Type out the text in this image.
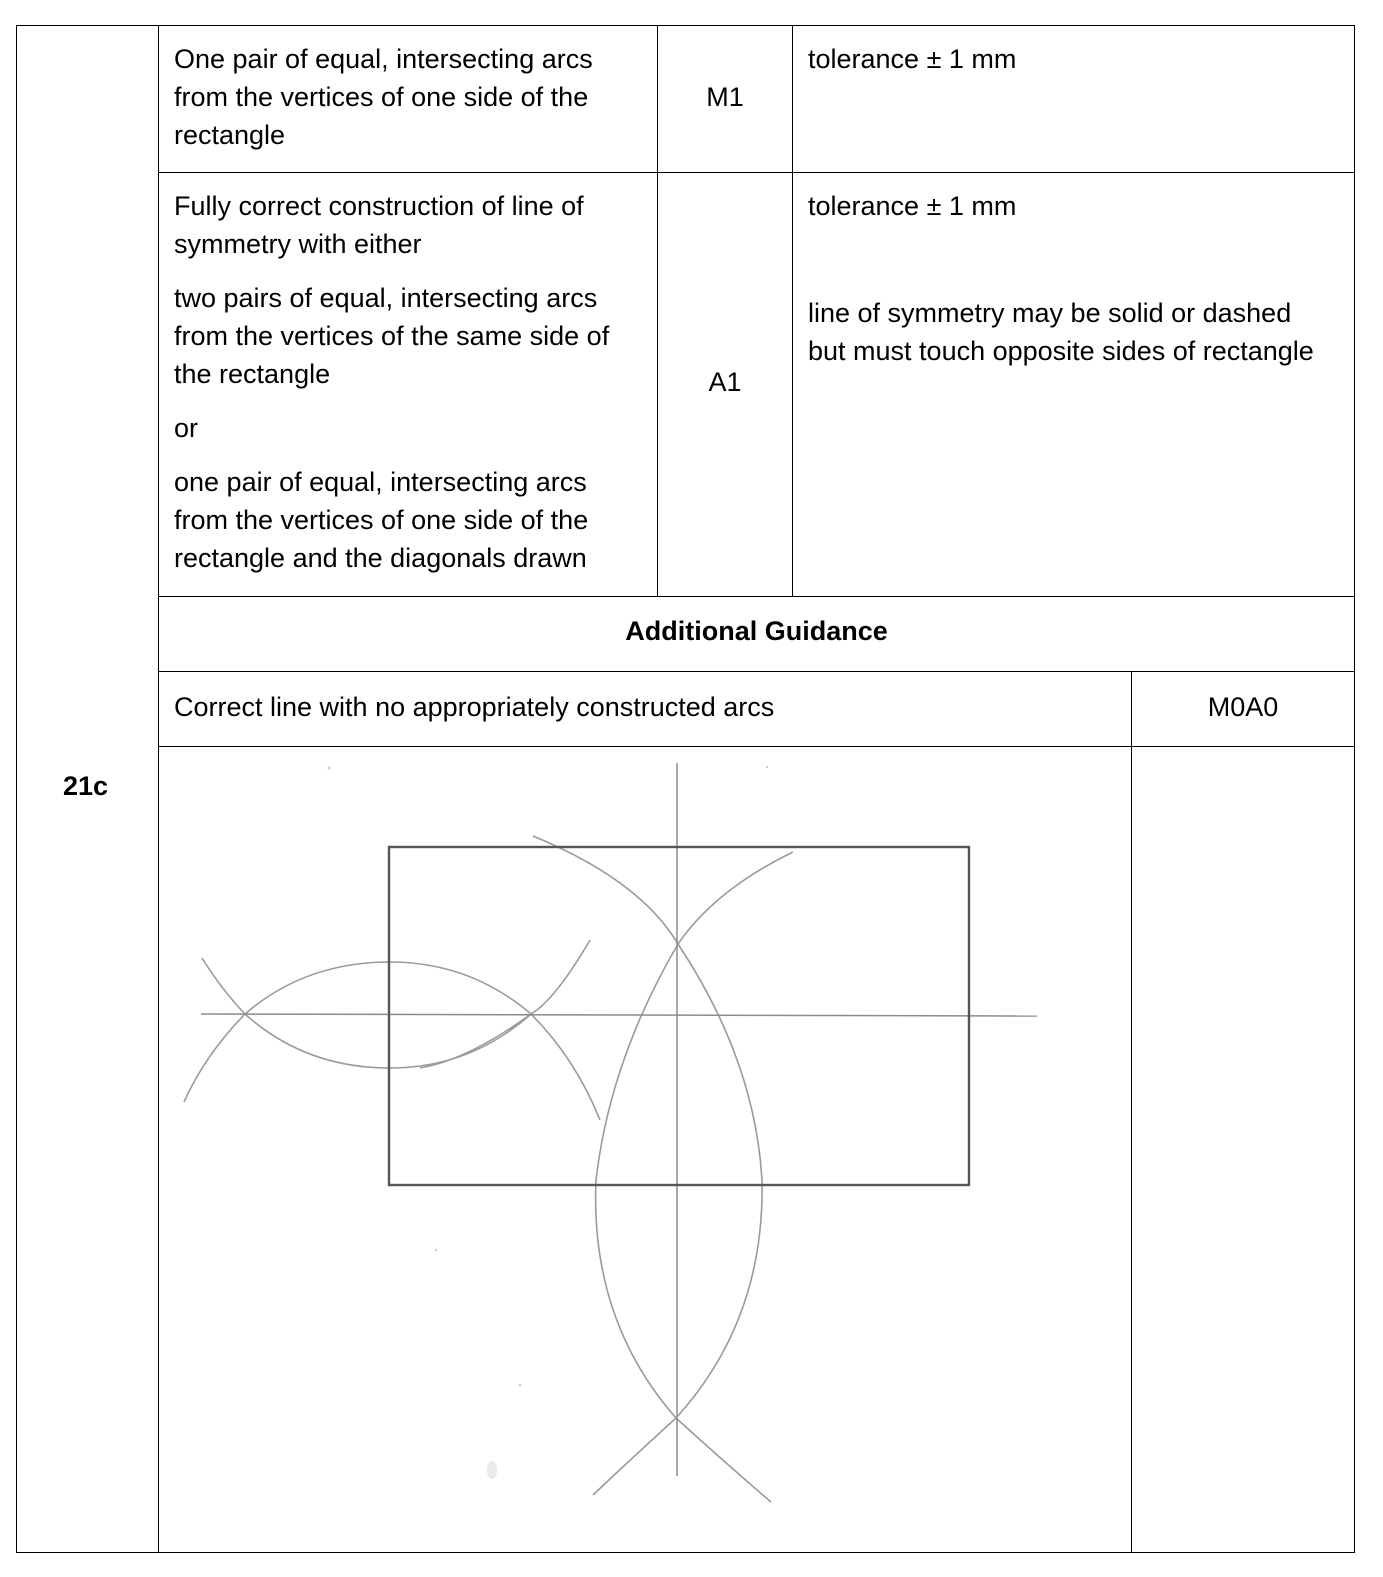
21c
One pair of equal, intersecting arcs
from the vertices of one side of the
rectangle
M1
tolerance ± 1 mm
Fully correct construction of line of
symmetry with either
two pairs of equal, intersecting arcs
from the vertices of the same side of
the rectangle
or
one pair of equal, intersecting arcs
from the vertices of one side of the
rectangle and the diagonals drawn
A1
tolerance ± 1 mm
line of symmetry may be solid or dashed
but must touch opposite sides of rectangle
Additional Guidance
Correct line with no appropriately constructed arcs	M0A0
